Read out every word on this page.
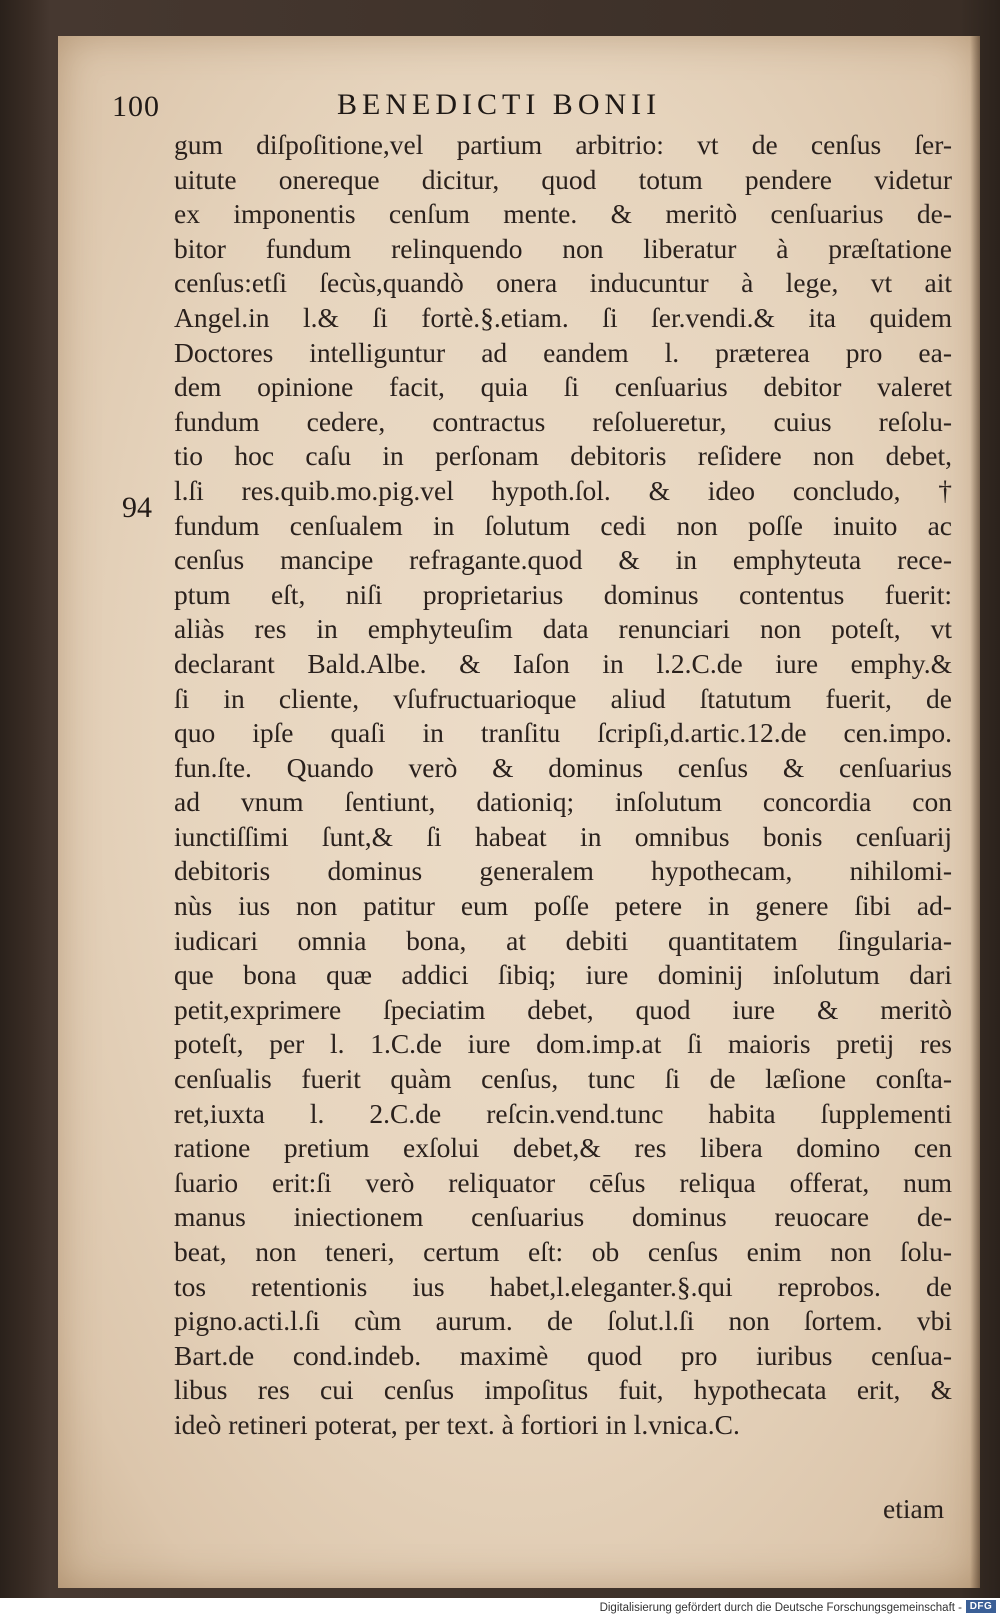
100	BENEDICTI BONII
94
gum diſpoſitione,vel partium arbitrio: vt de cenſus ſer-
uitute onereque dicitur, quod totum pendere videtur
ex imponentis cenſum mente. & meritò cenſuarius de-
bitor fundum relinquendo non liberatur à præſtatione
cenſus:etſi ſecùs,quandò onera inducuntur à lege, vt ait
Angel.in l.& ſi fortè.§.etiam. ſi ſer.vendi.& ita quidem
Doctores intelliguntur ad eandem l. præterea pro ea-
dem opinione facit, quia ſi cenſuarius debitor valeret
fundum cedere, contractus reſolueretur, cuius reſolu-
tio hoc caſu in perſonam debitoris reſidere non debet,
l.ſi res.quib.mo.pig.vel hypoth.ſol. & ideo concludo, †
fundum cenſualem in ſolutum cedi non poſſe inuito ac
cenſus mancipe refragante.quod & in emphyteuta rece-
ptum eſt, niſi proprietarius dominus contentus fuerit:
aliàs res in emphyteuſim data renunciari non poteſt, vt
declarant Bald.Albe. & Iaſon in l.2.C.de iure emphy.&
ſi in cliente, vſufructuarioque aliud ſtatutum fuerit, de
quo ipſe quaſi in tranſitu ſcripſi,d.artic.12.de cen.impo.
fun.ſte. Quando verò & dominus cenſus & cenſuarius
ad vnum ſentiunt, dationiq; inſolutum concordia con
iunctiſſimi ſunt,& ſi habeat in omnibus bonis cenſuarij
debitoris dominus generalem hypothecam, nihilomi-
nùs ius non patitur eum poſſe petere in genere ſibi ad-
iudicari omnia bona, at debiti quantitatem ſingularia-
que bona quæ addici ſibiq; iure dominij inſolutum dari
petit,exprimere ſpeciatim debet, quod iure & meritò
poteſt, per l. 1.C.de iure dom.imp.at ſi maioris pretij res
cenſualis fuerit quàm cenſus, tunc ſi de læſione conſta-
ret,iuxta l. 2.C.de reſcin.vend.tunc habita ſupplementi
ratione pretium exſolui debet,& res libera domino cen
ſuario erit:ſi verò reliquator cēſus reliqua offerat, num
manus iniectionem cenſuarius dominus reuocare de-
beat, non teneri, certum eſt: ob cenſus enim non ſolu-
tos retentionis ius habet,l.eleganter.§.qui reprobos. de
pigno.acti.l.ſi cùm aurum. de ſolut.l.ſi non ſortem. vbi
Bart.de cond.indeb. maximè quod pro iuribus cenſua-
libus res cui cenſus impoſitus fuit, hypothecata erit, &
ideò retineri poterat, per text. à fortiori in l.vnica.C.
etiam
Digitalisierung gefördert durch die Deutsche Forschungsgemeinschaft - DFG
